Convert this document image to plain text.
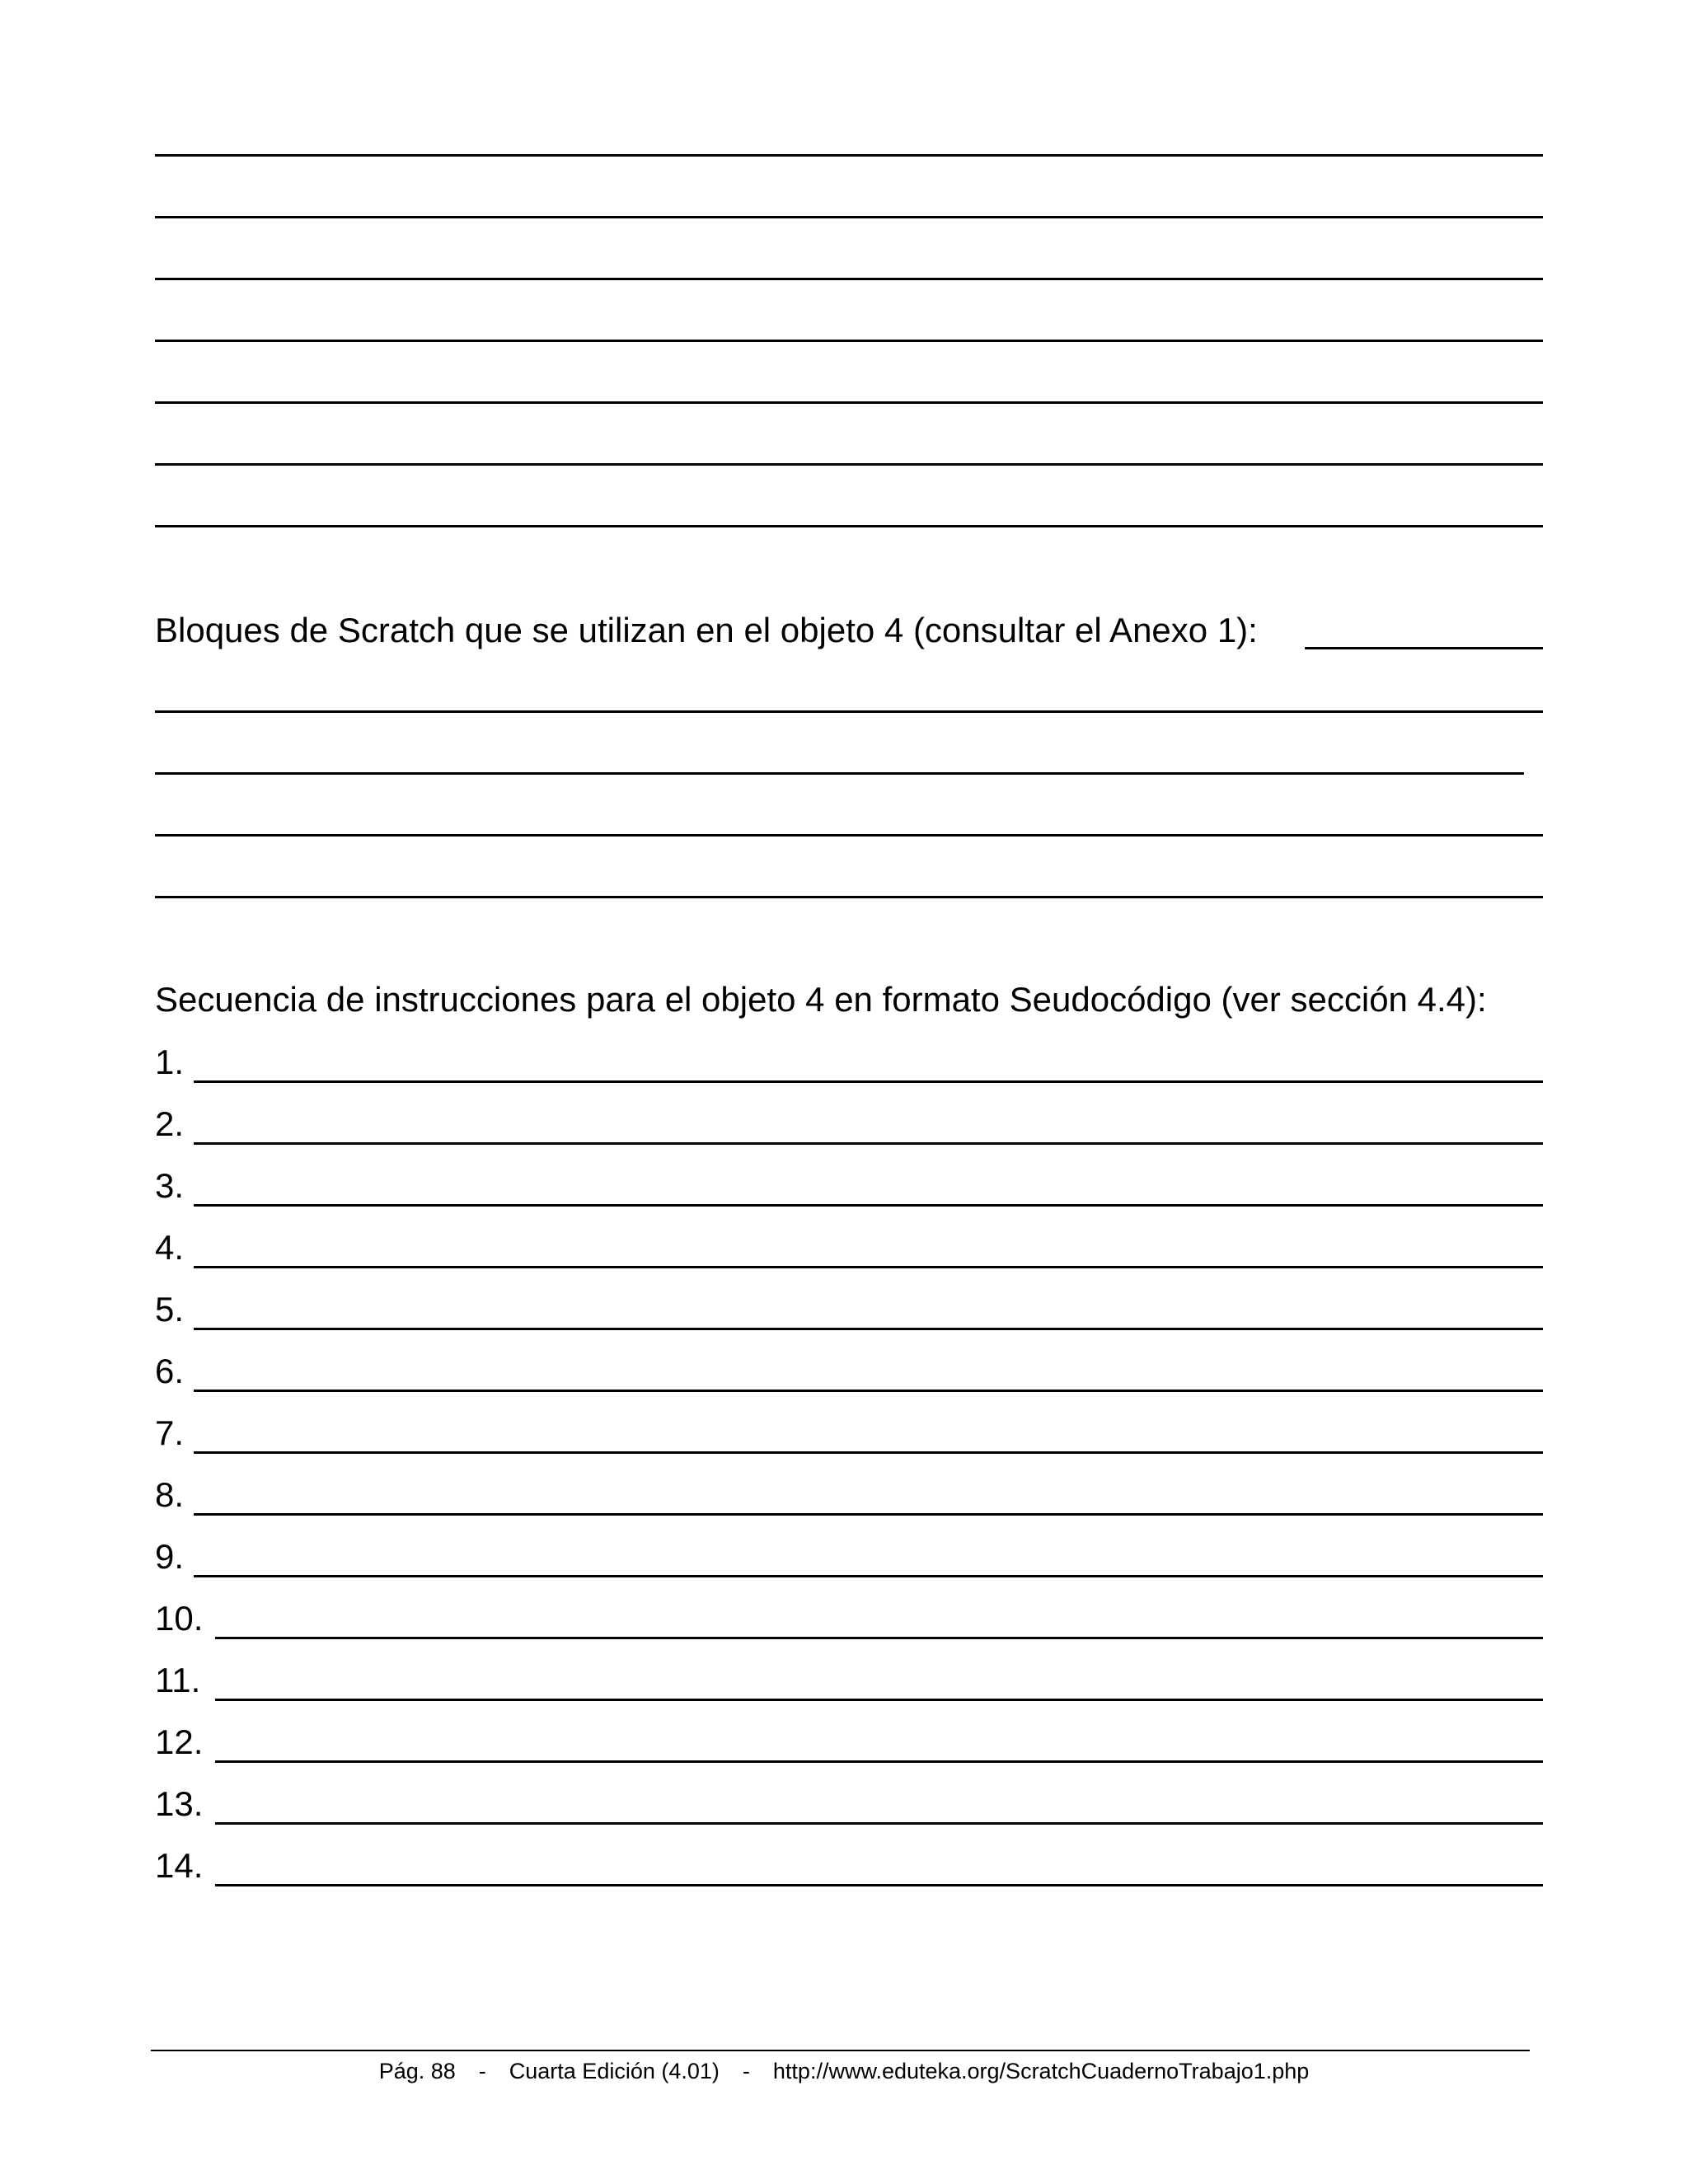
Bloques de Scratch que se utilizan en el objeto 4 (consultar el Anexo 1):
Secuencia de instrucciones para el objeto 4 en formato Seudocódigo (ver sección 4.4):
1.
2.
3.
4.
5.
6.
7.
8.
9.
10.
11.
12.
13.
14.
Pág. 88 - Cuarta Edición (4.01) - http://www.eduteka.org/ScratchCuadernoTrabajo1.php
